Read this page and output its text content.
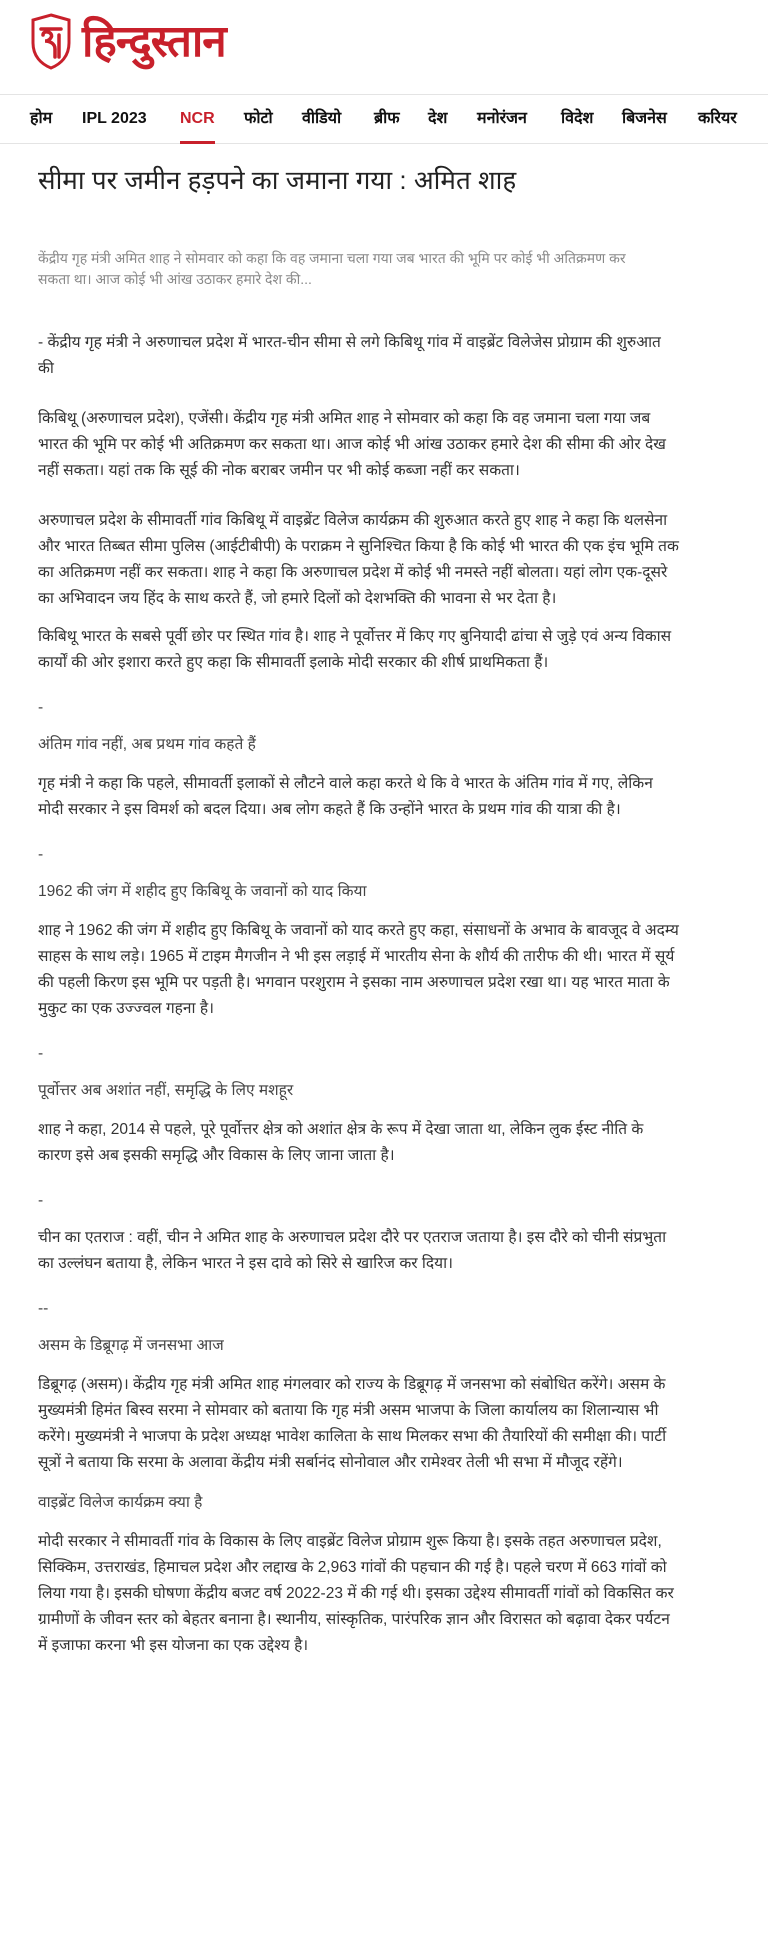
हिन्दुस्तान
होम IPL 2023 NCR फोटो वीडियो ब्रीफ देश मनोरंजन विदेश बिजनेस करियर
सीमा पर जमीन हड़पने का जमाना गया : अमित शाह

केंद्रीय गृह मंत्री अमित शाह ने सोमवार को कहा कि वह जमाना चला गया जब भारत की भूमि पर कोई भी अतिक्रमण कर सकता था। आज कोई भी आंख उठाकर हमारे देश की...

- केंद्रीय गृह मंत्री ने अरुणाचल प्रदेश में भारत-चीन सीमा से लगे किबिथू गांव में वाइब्रेंट विलेजेस प्रोग्राम की शुरुआत की

किबिथू (अरुणाचल प्रदेश), एजेंसी। केंद्रीय गृह मंत्री अमित शाह ने सोमवार को कहा कि वह जमाना चला गया जब भारत की भूमि पर कोई भी अतिक्रमण कर सकता था। आज कोई भी आंख उठाकर हमारे देश की सीमा की ओर देख नहीं सकता। यहां तक कि सूई की नोक बराबर जमीन पर भी कोई कब्जा नहीं कर सकता।

अरुणाचल प्रदेश के सीमावर्ती गांव किबिथू में वाइब्रेंट विलेज कार्यक्रम की शुरुआत करते हुए शाह ने कहा कि थलसेना और भारत तिब्बत सीमा पुलिस (आईटीबीपी) के पराक्रम ने सुनिश्चित किया है कि कोई भी भारत की एक इंच भूमि तक का अतिक्रमण नहीं कर सकता। शाह ने कहा कि अरुणाचल प्रदेश में कोई भी नमस्ते नहीं बोलता। यहां लोग एक-दूसरे का अभिवादन जय हिंद के साथ करते हैं, जो हमारे दिलों को देशभक्ति की भावना से भर देता है।

किबिथू भारत के सबसे पूर्वी छोर पर स्थित गांव है। शाह ने पूर्वोत्तर में किए गए बुनियादी ढांचा से जुड़े एवं अन्य विकास कार्यों की ओर इशारा करते हुए कहा कि सीमावर्ती इलाके मोदी सरकार की शीर्ष प्राथमिकता हैं।

-

अंतिम गांव नहीं, अब प्रथम गांव कहते हैं

गृह मंत्री ने कहा कि पहले, सीमावर्ती इलाकों से लौटने वाले कहा करते थे कि वे भारत के अंतिम गांव में गए, लेकिन मोदी सरकार ने इस विमर्श को बदल दिया। अब लोग कहते हैं कि उन्होंने भारत के प्रथम गांव की यात्रा की है।

-

1962 की जंग में शहीद हुए किबिथू के जवानों को याद किया

शाह ने 1962 की जंग में शहीद हुए किबिथू के जवानों को याद करते हुए कहा, संसाधनों के अभाव के बावजूद वे अदम्य साहस के साथ लड़े। 1965 में टाइम मैगजीन ने भी इस लड़ाई में भारतीय सेना के शौर्य की तारीफ की थी। भारत में सूर्य की पहली किरण इस भूमि पर पड़ती है। भगवान परशुराम ने इसका नाम अरुणाचल प्रदेश रखा था। यह भारत माता के मुकुट का एक उज्ज्वल गहना है।

-

पूर्वोत्तर अब अशांत नहीं, समृद्धि के लिए मशहूर

शाह ने कहा, 2014 से पहले, पूरे पूर्वोत्तर क्षेत्र को अशांत क्षेत्र के रूप में देखा जाता था, लेकिन लुक ईस्ट नीति के कारण इसे अब इसकी समृद्धि और विकास के लिए जाना जाता है।

-

चीन का एतराज : वहीं, चीन ने अमित शाह के अरुणाचल प्रदेश दौरे पर एतराज जताया है। इस दौरे को चीनी संप्रभुता का उल्लंघन बताया है, लेकिन भारत ने इस दावे को सिरे से खारिज कर दिया।

--

असम के डिब्रूगढ़ में जनसभा आज

डिब्रूगढ़ (असम)। केंद्रीय गृह मंत्री अमित शाह मंगलवार को राज्य के डिब्रूगढ़ में जनसभा को संबोधित करेंगे। असम के मुख्यमंत्री हिमंत बिस्व सरमा ने सोमवार को बताया कि गृह मंत्री असम भाजपा के जिला कार्यालय का शिलान्यास भी करेंगे। मुख्यमंत्री ने भाजपा के प्रदेश अध्यक्ष भावेश कालिता के साथ मिलकर सभा की तैयारियों की समीक्षा की। पार्टी सूत्रों ने बताया कि सरमा के अलावा केंद्रीय मंत्री सर्बानंद सोनोवाल और रामेश्वर तेली भी सभा में मौजूद रहेंगे।

वाइब्रेंट विलेज कार्यक्रम क्या है

मोदी सरकार ने सीमावर्ती गांव के विकास के लिए वाइब्रेंट विलेज प्रोग्राम शुरू किया है। इसके तहत अरुणाचल प्रदेश, सिक्किम, उत्तराखंड, हिमाचल प्रदेश और लद्दाख के 2,963 गांवों की पहचान की गई है। पहले चरण में 663 गांवों को लिया गया है। इसकी घोषणा केंद्रीय बजट वर्ष 2022-23 में की गई थी। इसका उद्देश्य सीमावर्ती गांवों को विकसित कर ग्रामीणों के जीवन स्तर को बेहतर बनाना है। स्थानीय, सांस्कृतिक, पारंपरिक ज्ञान और विरासत को बढ़ावा देकर पर्यटन में इजाफा करना भी इस योजना का एक उद्देश्य है।
